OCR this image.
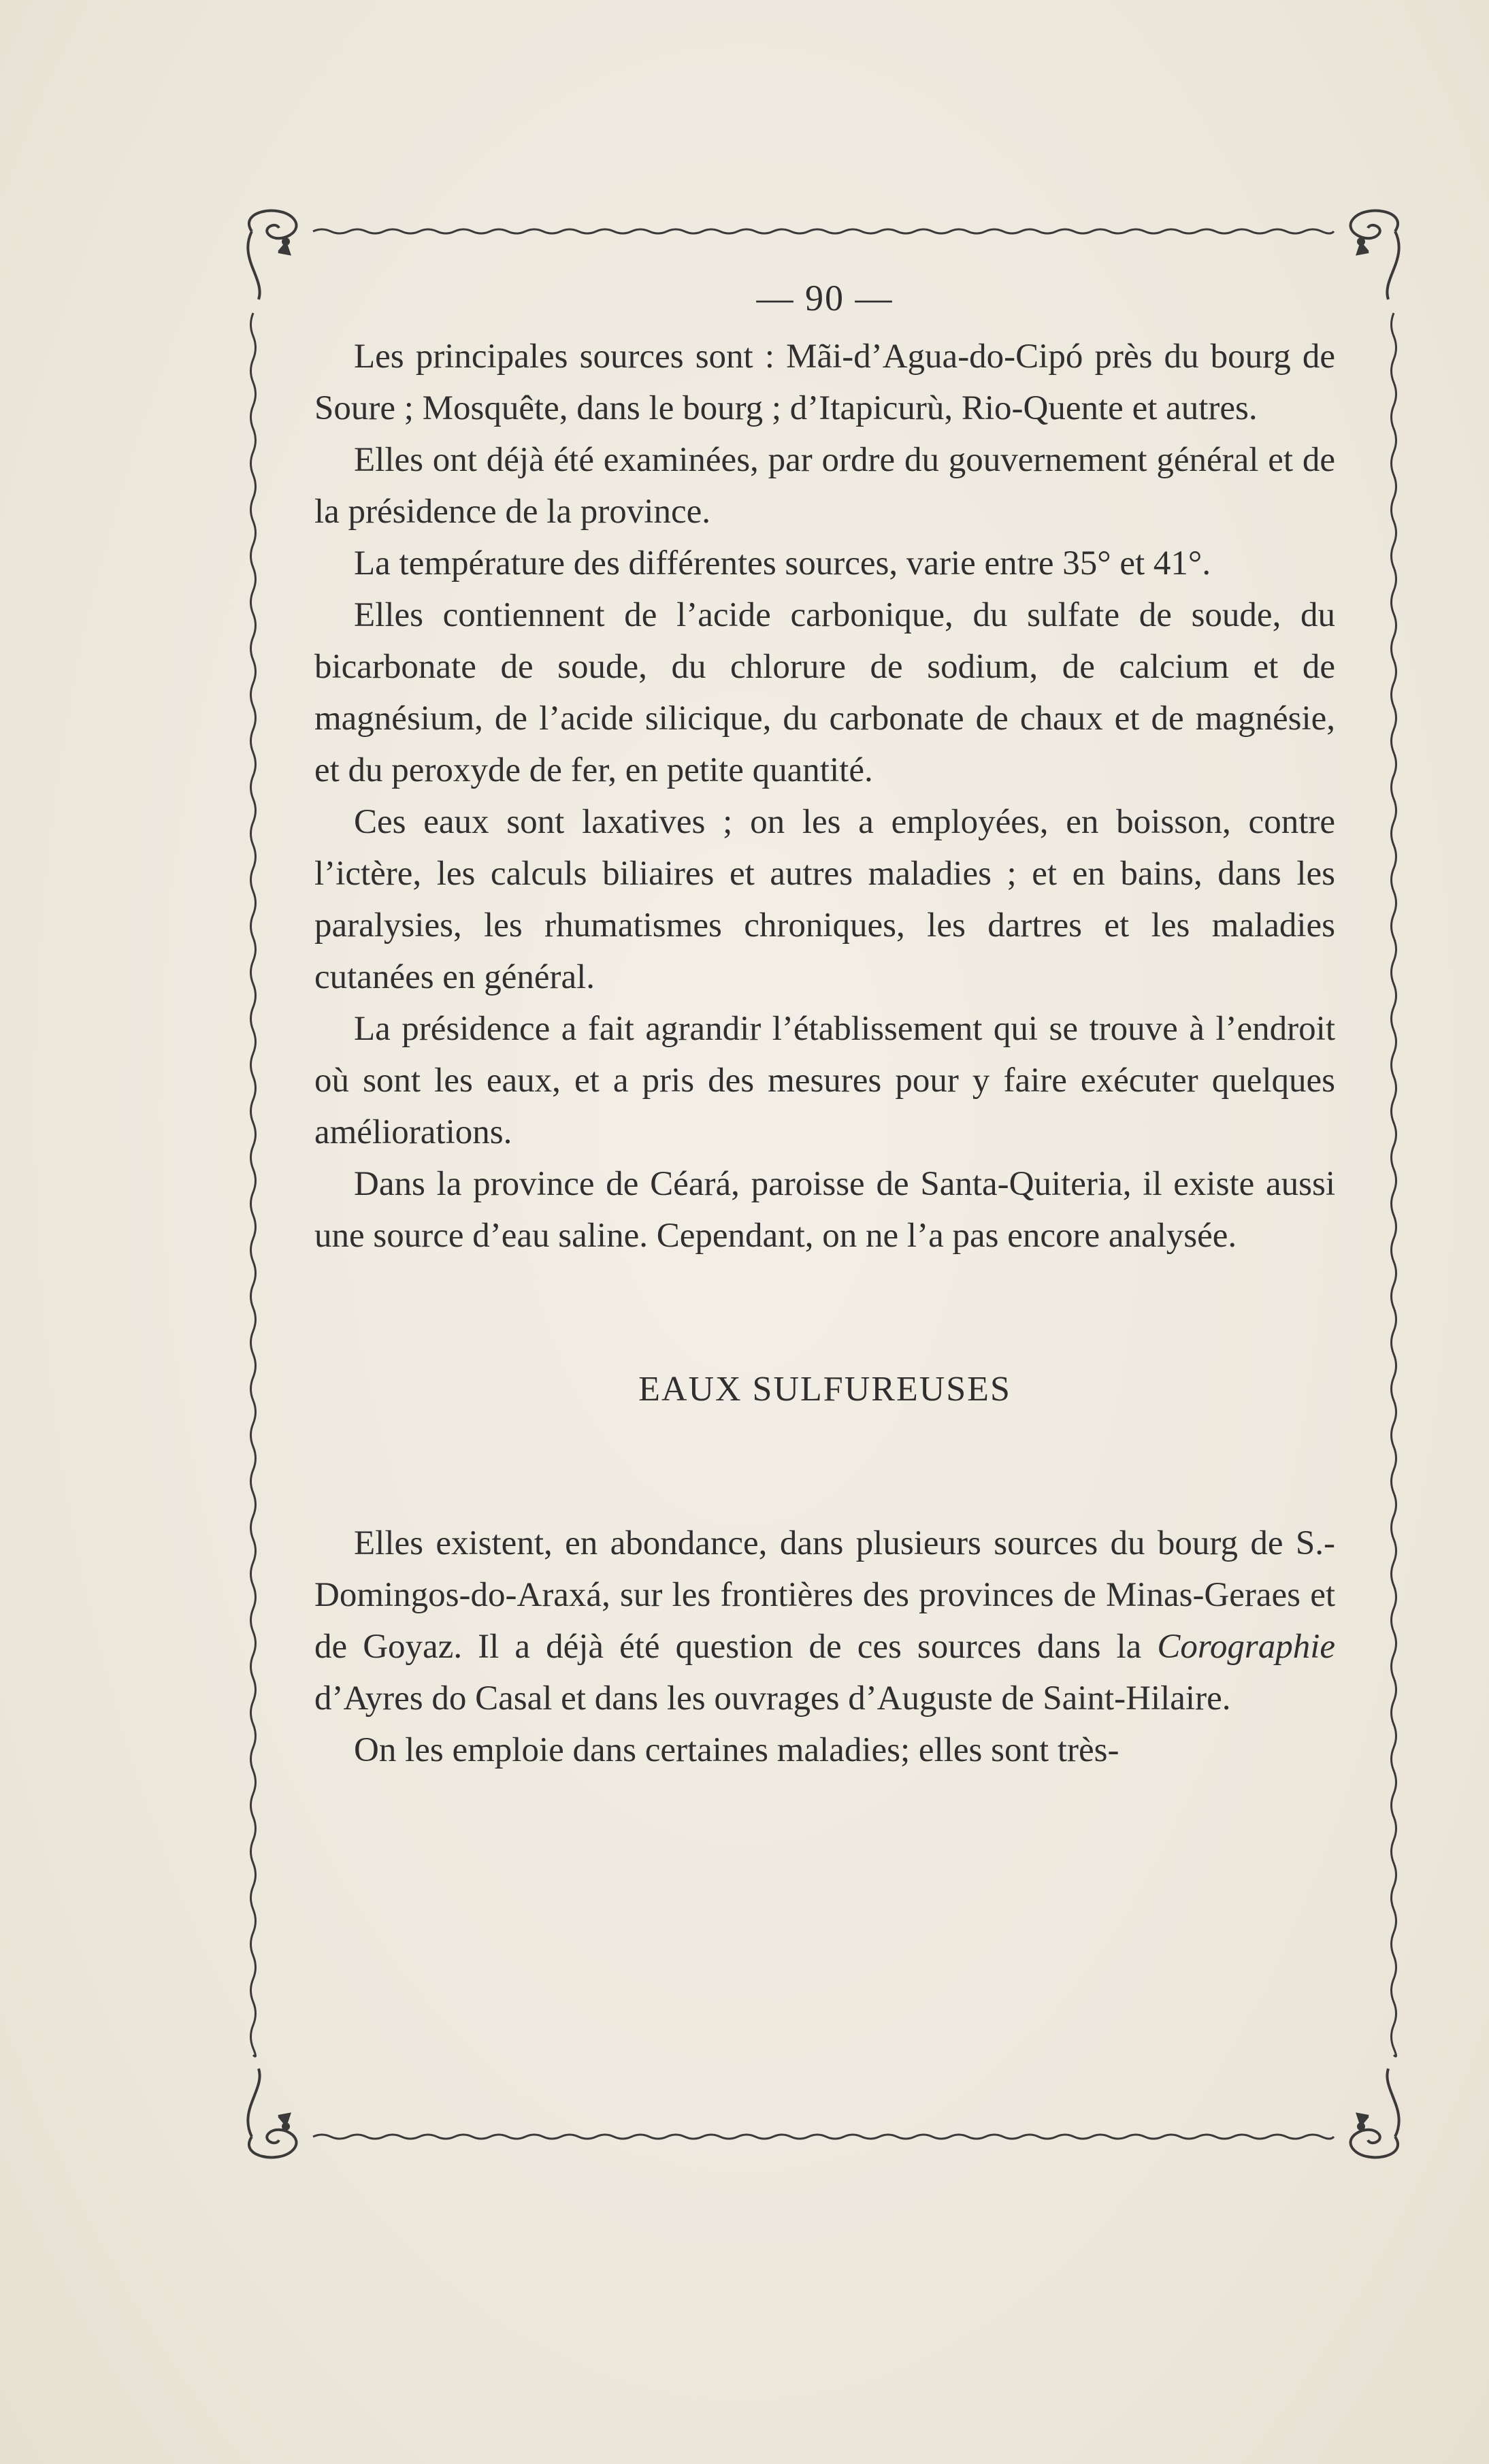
— 90 —

Les principales sources sont : Mãi-d’Agua-do-Cipó près du bourg de Soure ; Mosquête, dans le bourg ; d’Itapicurù, Rio-Quente et autres.

Elles ont déjà été examinées, par ordre du gouvernement général et de la présidence de la province.

La température des différentes sources, varie entre 35° et 41°.

Elles contiennent de l’acide carbonique, du sulfate de soude, du bicarbonate de soude, du chlorure de sodium, de calcium et de magnésium, de l’acide silicique, du carbonate de chaux et de magnésie, et du peroxyde de fer, en petite quantité.

Ces eaux sont laxatives ; on les a employées, en boisson, contre l’ictère, les calculs biliaires et autres maladies ; et en bains, dans les paralysies, les rhumatismes chroniques, les dartres et les maladies cutanées en général.

La présidence a fait agrandir l’établissement qui se trouve à l’endroit où sont les eaux, et a pris des mesures pour y faire exécuter quelques améliorations.

Dans la province de Céará, paroisse de Santa-Quiteria, il existe aussi une source d’eau saline. Cependant, on ne l’a pas encore analysée.

EAUX SULFUREUSES

Elles existent, en abondance, dans plusieurs sources du bourg de S.-Domingos-do-Araxá, sur les frontières des provinces de Minas-Geraes et de Goyaz. Il a déjà été question de ces sources dans la Corographie d’Ayres do Casal et dans les ouvrages d’Auguste de Saint-Hilaire.

On les emploie dans certaines maladies; elles sont très-
